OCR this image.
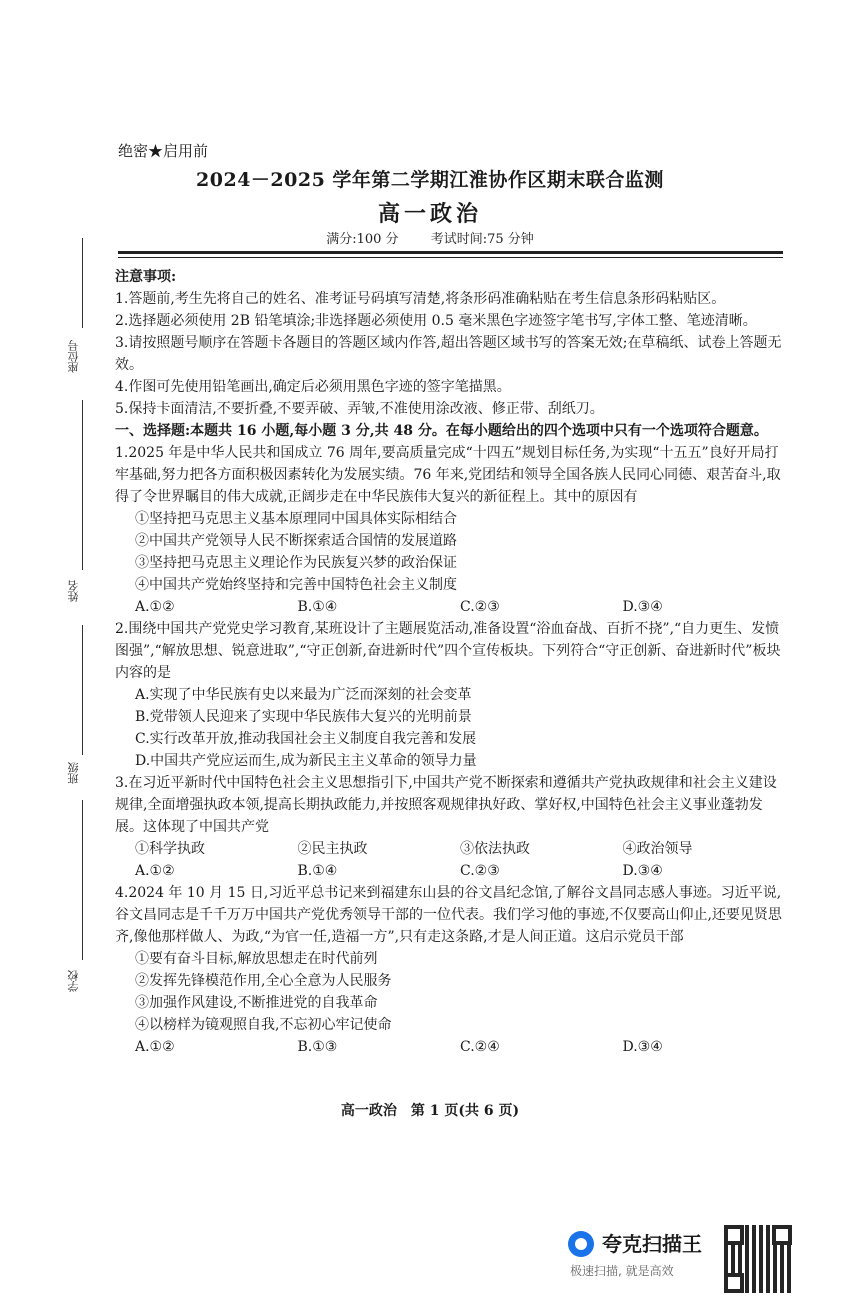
绝密★启用前
2024－2025 学年第二学期江淮协作区期末联合监测
高一政治
满分:100 分 考试时间:75 分钟
座位号
姓名
班级
学校

注意事项:

1.答题前,考生先将自己的姓名、准考证号码填写清楚,将条形码准确粘贴在考生信息条形码粘贴区。

2.选择题必须使用 2B 铅笔填涂;非选择题必须使用 0.5 毫米黑色字迹签字笔书写,字体工整、笔迹清晰。

3.请按照题号顺序在答题卡各题目的答题区域内作答,超出答题区域书写的答案无效;在草稿纸、试卷上答题无效。

4.作图可先使用铅笔画出,确定后必须用黑色字迹的签字笔描黑。

5.保持卡面清洁,不要折叠,不要弄破、弄皱,不准使用涂改液、修正带、刮纸刀。

一、选择题:本题共 16 小题,每小题 3 分,共 48 分。在每小题给出的四个选项中只有一个选项符合题意。

1.2025 年是中华人民共和国成立 76 周年,要高质量完成“十四五”规划目标任务,为实现“十五五”良好开局打牢基础,努力把各方面积极因素转化为发展实绩。76 年来,党团结和领导全国各族人民同心同德、艰苦奋斗,取得了令世界瞩目的伟大成就,正阔步走在中华民族伟大复兴的新征程上。其中的原因有

①坚持把马克思主义基本原理同中国具体实际相结合

②中国共产党领导人民不断探索适合国情的发展道路

③坚持把马克思主义理论作为民族复兴梦的政治保证

④中国共产党始终坚持和完善中国特色社会主义制度

A.①②	B.①④	C.②③	D.③④

2.围绕中国共产党党史学习教育,某班设计了主题展览活动,准备设置“浴血奋战、百折不挠”,“自力更生、发愤图强”,“解放思想、锐意进取”,“守正创新,奋进新时代”四个宣传板块。下列符合“守正创新、奋进新时代”板块内容的是

A.实现了中华民族有史以来最为广泛而深刻的社会变革

B.党带领人民迎来了实现中华民族伟大复兴的光明前景

C.实行改革开放,推动我国社会主义制度自我完善和发展

D.中国共产党应运而生,成为新民主主义革命的领导力量

3.在习近平新时代中国特色社会主义思想指引下,中国共产党不断探索和遵循共产党执政规律和社会主义建设规律,全面增强执政本领,提高长期执政能力,并按照客观规律执好政、掌好权,中国特色社会主义事业蓬勃发展。这体现了中国共产党

①科学执政	②民主执政	③依法执政	④政治领导

A.①②	B.①④	C.②③	D.③④

4.2024 年 10 月 15 日,习近平总书记来到福建东山县的谷文昌纪念馆,了解谷文昌同志感人事迹。习近平说,谷文昌同志是千千万万中国共产党优秀领导干部的一位代表。我们学习他的事迹,不仅要高山仰止,还要见贤思齐,像他那样做人、为政,“为官一任,造福一方”,只有走这条路,才是人间正道。这启示党员干部

①要有奋斗目标,解放思想走在时代前列

②发挥先锋模范作用,全心全意为人民服务

③加强作风建设,不断推进党的自我革命

④以榜样为镜观照自我,不忘初心牢记使命

A.①②	B.①③	C.②④	D.③④

高一政治　第 1 页(共 6 页)
夸克扫描王
极速扫描, 就是高效
